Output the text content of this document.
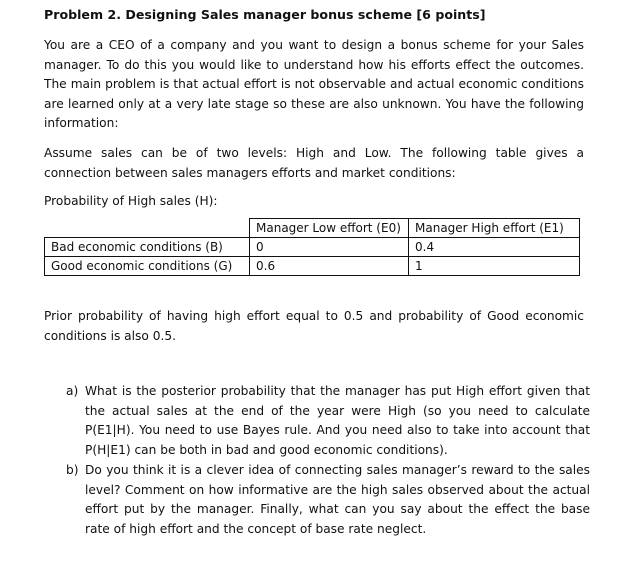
Problem 2. Designing Sales manager bonus scheme [6 points]
You are a CEO of a company and you want to design a bonus scheme for your Sales manager. To do this you would like to understand how his efforts effect the outcomes. The main problem is that actual effort is not observable and actual economic conditions are learned only at a very late stage so these are also unknown. You have the following information:
Assume sales can be of two levels: High and Low. The following table gives a connection between sales managers efforts and market conditions:
Probability of High sales (H):
	Manager Low effort (E0)	Manager High effort (E1)
Bad economic conditions (B)	0	0.4
Good economic conditions (G)	0.6	1
Prior probability of having high effort equal to 0.5 and probability of Good economic conditions is also 0.5.
a) What is the posterior probability that the manager has put High effort given that the actual sales at the end of the year were High (so you need to calculate P(E1|H). You need to use Bayes rule. And you need also to take into account that P(H|E1) can be both in bad and good economic conditions).
b) Do you think it is a clever idea of connecting sales manager’s reward to the sales level? Comment on how informative are the high sales observed about the actual effort put by the manager. Finally, what can you say about the effect the base rate of high effort and the concept of base rate neglect.
